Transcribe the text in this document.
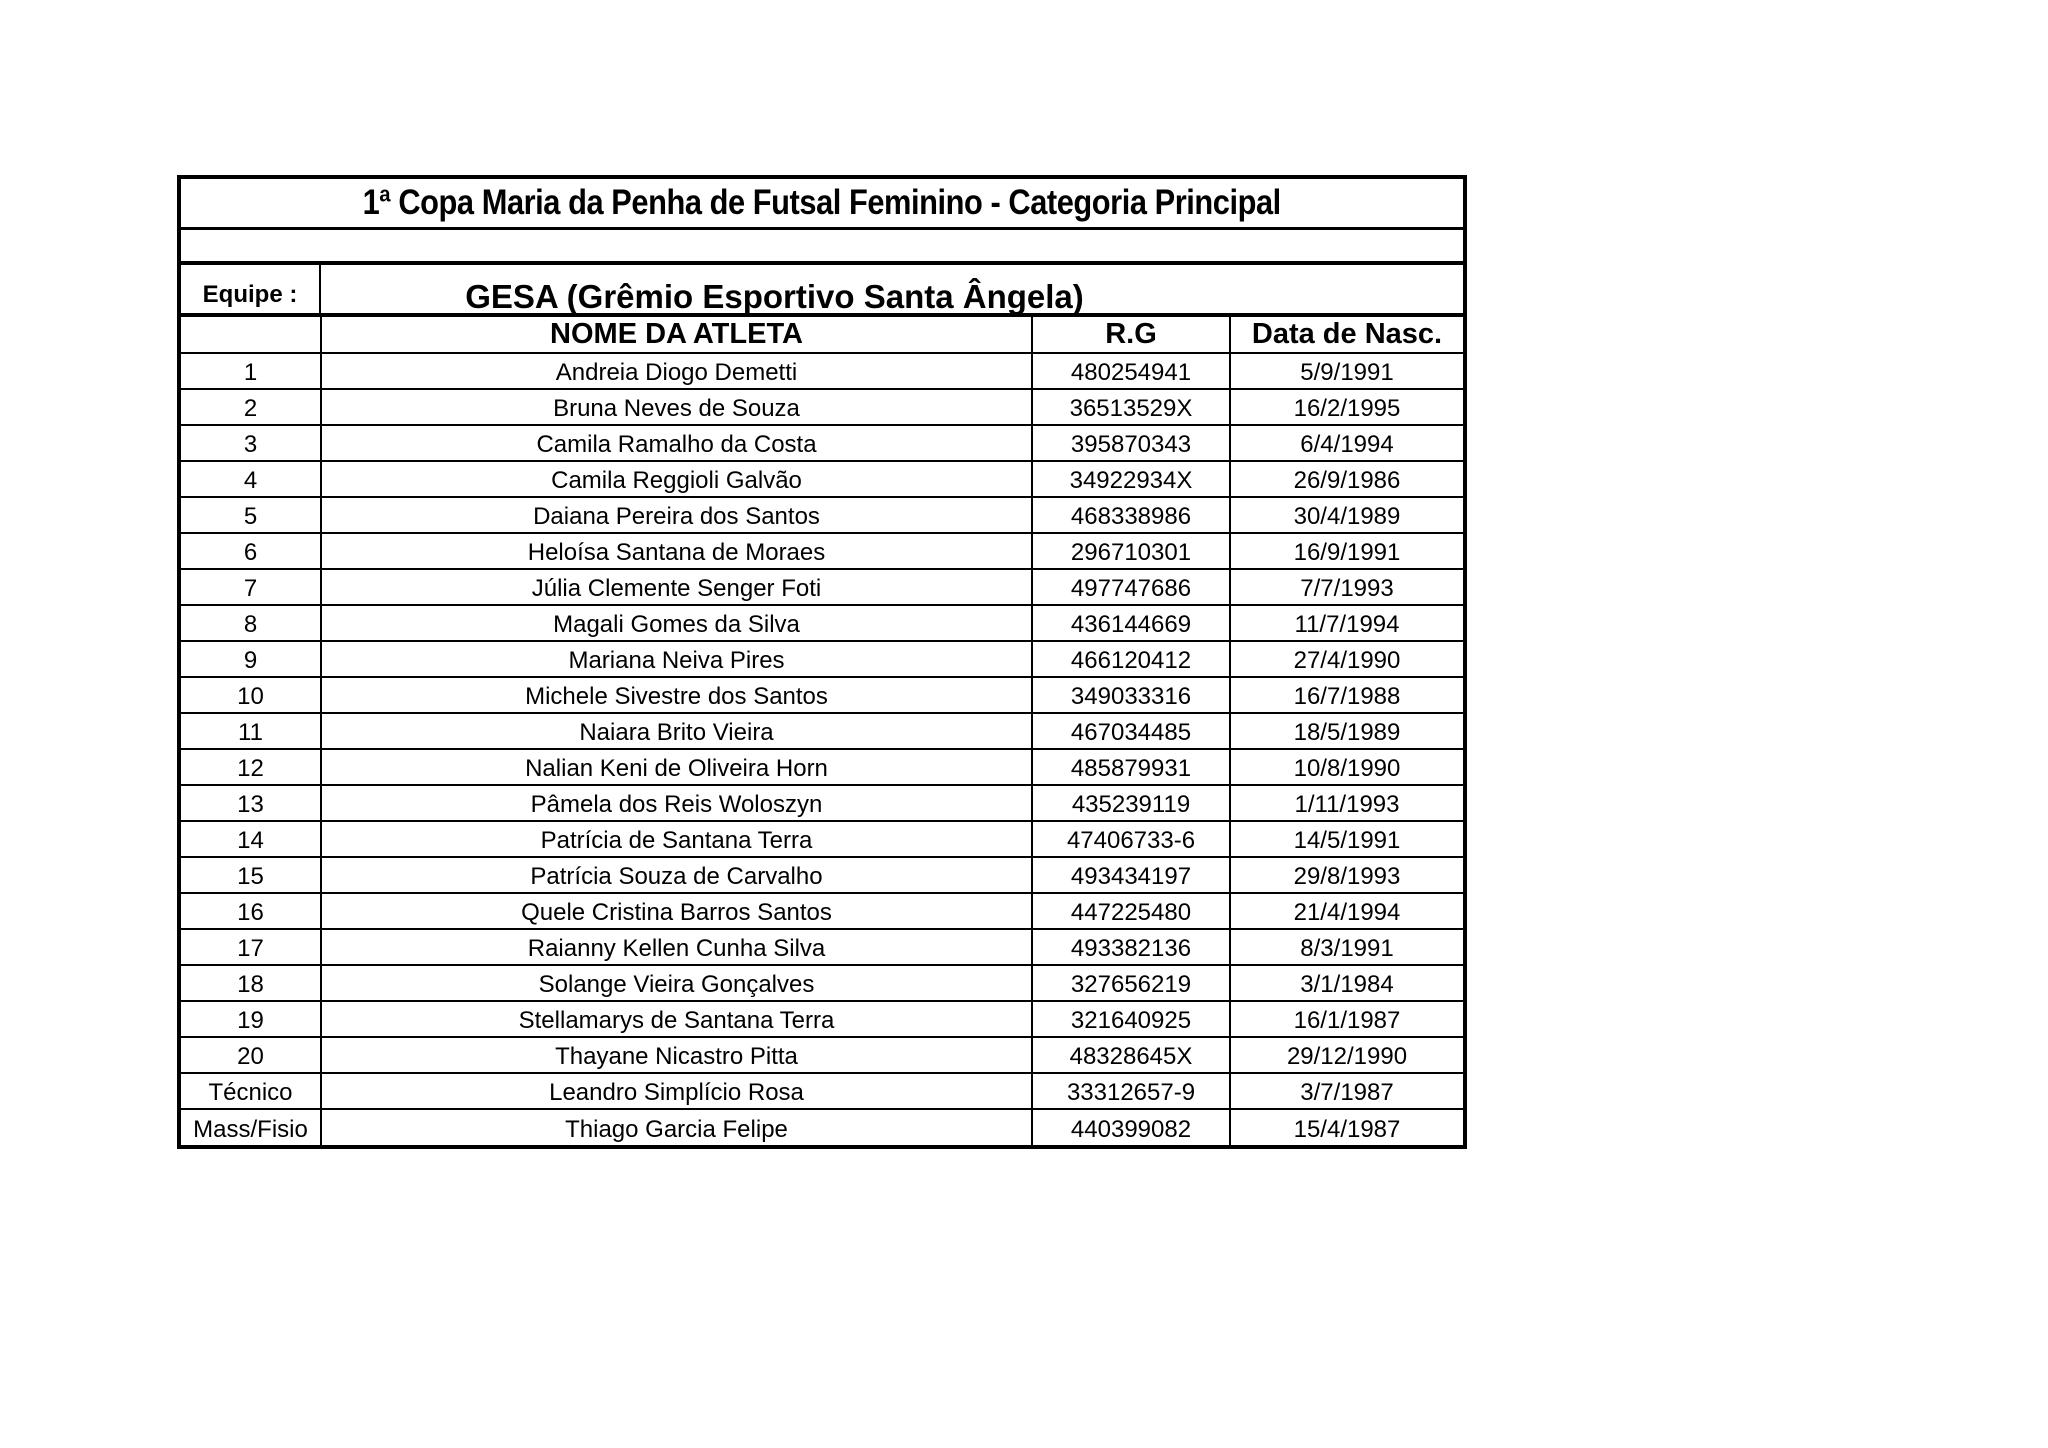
1ª Copa Maria da Penha de Futsal Feminino - Categoria Principal
Equipe :	GESA (Grêmio Esportivo Santa Ângela)
	NOME DA ATLETA	R.G	Data de Nasc.
1	Andreia Diogo Demetti	480254941	5/9/1991
2	Bruna Neves de Souza	36513529X	16/2/1995
3	Camila Ramalho da Costa	395870343	6/4/1994
4	Camila Reggioli Galvão	34922934X	26/9/1986
5	Daiana Pereira dos Santos	468338986	30/4/1989
6	Heloísa Santana de Moraes	296710301	16/9/1991
7	Júlia Clemente Senger Foti	497747686	7/7/1993
8	Magali Gomes da Silva	436144669	11/7/1994
9	Mariana Neiva Pires	466120412	27/4/1990
10	Michele Sivestre dos Santos	349033316	16/7/1988
11	Naiara Brito Vieira	467034485	18/5/1989
12	Nalian Keni de Oliveira Horn	485879931	10/8/1990
13	Pâmela dos Reis Woloszyn	435239119	1/11/1993
14	Patrícia de Santana Terra	47406733-6	14/5/1991
15	Patrícia Souza de Carvalho	493434197	29/8/1993
16	Quele Cristina Barros Santos	447225480	21/4/1994
17	Raianny Kellen Cunha Silva	493382136	8/3/1991
18	Solange Vieira Gonçalves	327656219	3/1/1984
19	Stellamarys de Santana Terra	321640925	16/1/1987
20	Thayane Nicastro Pitta	48328645X	29/12/1990
Técnico	Leandro Simplício Rosa	33312657-9	3/7/1987
Mass/Fisio	Thiago Garcia Felipe	440399082	15/4/1987
